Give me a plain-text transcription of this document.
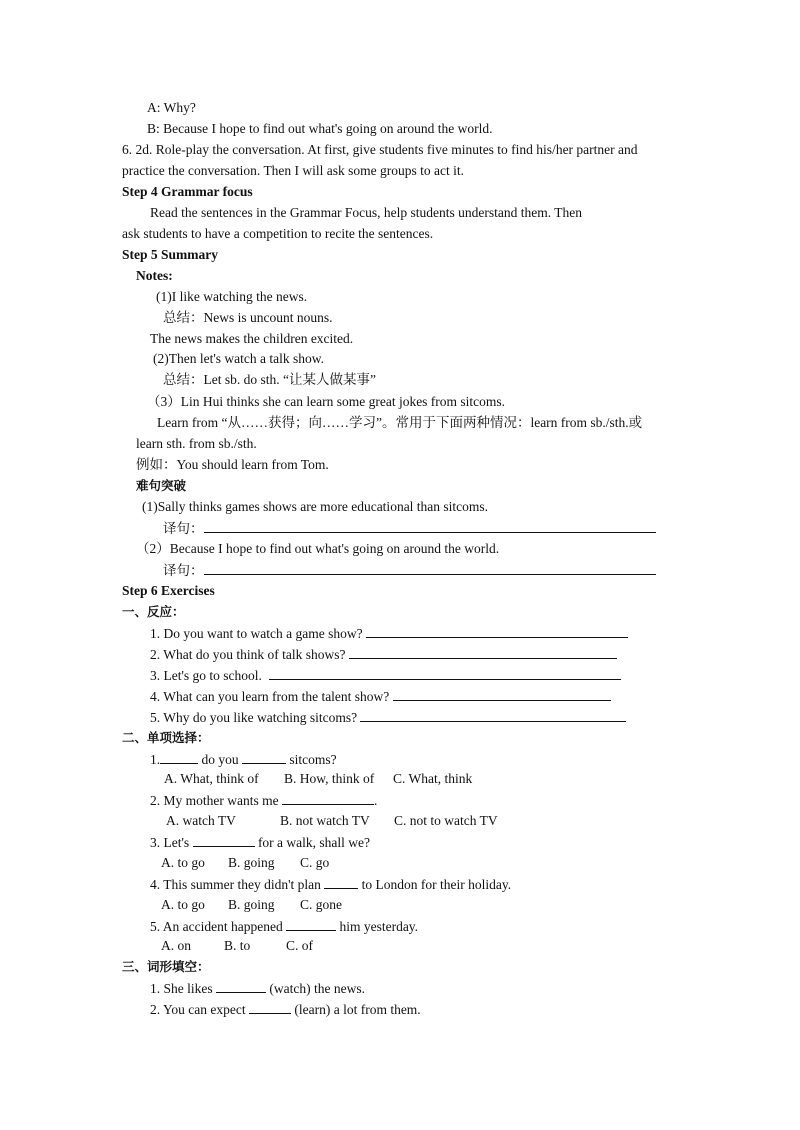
A: Why?
B: Because I hope to find out what's going on around the world.
6. 2d. Role-play the conversation. At first, give students five minutes to find his/her partner and
practice the conversation. Then I will ask some groups to act it.
Step 4 Grammar focus
Read the sentences in the Grammar Focus, help students understand them. Then
ask students to have a competition to recite the sentences.
Step 5 Summary
Notes:
(1)I like watching the news.
总结：News is uncount nouns.
The news makes the children excited.
(2)Then let's watch a talk show.
总结：Let sb. do sth. “让某人做某事”
（3）Lin Hui thinks she can learn some great jokes from sitcoms.
Learn from “从……获得；向……学习”。常用于下面两种情况：learn from sb./sth.或
learn sth. from sb./sth.
例如：You should learn from Tom.
难句突破
(1)Sally thinks games shows are more educational than sitcoms.
译句：
（2）Because I hope to find out what's going on around the world.
译句：
Step 6 Exercises
一、反应：
1. Do you want to watch a game show?
2. What do you think of talk shows?
3. Let's go to school.
4. What can you learn from the talent show?
5. Why do you like watching sitcoms?
二、单项选择：
1.	do you	sitcoms?
A. What, think of B. How, think of C. What, think
2. My mother wants me	.
A. watch TV	B. not watch TV C. not to watch TV
3. Let's	for a walk, shall we?
A. to go B. going C. go
4. This summer they didn't plan	to London for their holiday.
A. to go B. going C. gone
5. An accident happened	him yesterday.
A. on B. to	C. of
三、词形填空：
1. She likes	(watch) the news.
2. You can expect	(learn) a lot from them.
